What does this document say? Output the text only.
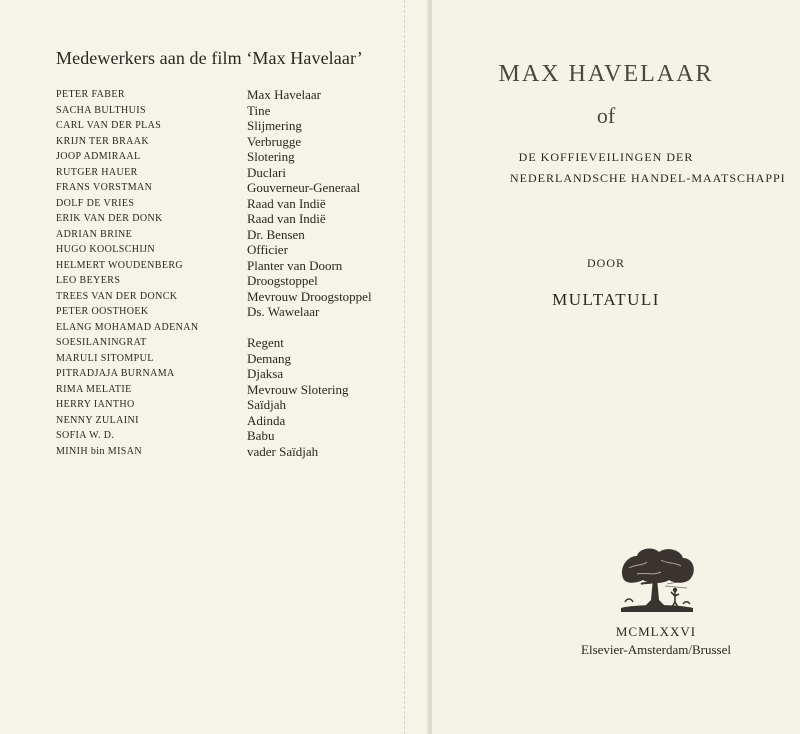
Medewerkers aan de film ‘Max Havelaar’
PETER FABER	Max Havelaar
SACHA BULTHUIS	Tine
CARL VAN DER PLAS	Slijmering
KRIJN TER BRAAK	Verbrugge
JOOP ADMIRAAL	Slotering
RUTGER HAUER	Duclari
FRANS VORSTMAN	Gouverneur-Generaal
DOLF DE VRIES	Raad van Indië
ERIK VAN DER DONK	Raad van Indië
ADRIAN BRINE	Dr. Bensen
HUGO KOOLSCHIJN	Officier
HELMERT WOUDENBERG	Planter van Doorn
LEO BEYERS	Droogstoppel
TREES VAN DER DONCK	Mevrouw Droogstoppel
PETER OOSTHOEK	Ds. Wawelaar
ELANG MOHAMAD ADENAN
SOESILANINGRAT	Regent
MARULI SITOMPUL	Demang
PITRADJAJA BURNAMA	Djaksa
RIMA MELATIE	Mevrouw Slotering
HERRY IANTHO	Saïdjah
NENNY ZULAINI	Adinda
SOFIA W. D.	Babu
MINIH bin MISAN	vader Saïdjah
MAX HAVELAAR
of
DE KOFFIEVEILINGEN DER
NEDERLANDSCHE HANDEL-MAATSCHAPPI
DOOR
MULTATULI
MCMLXXVI
Elsevier-Amsterdam/Brussel
